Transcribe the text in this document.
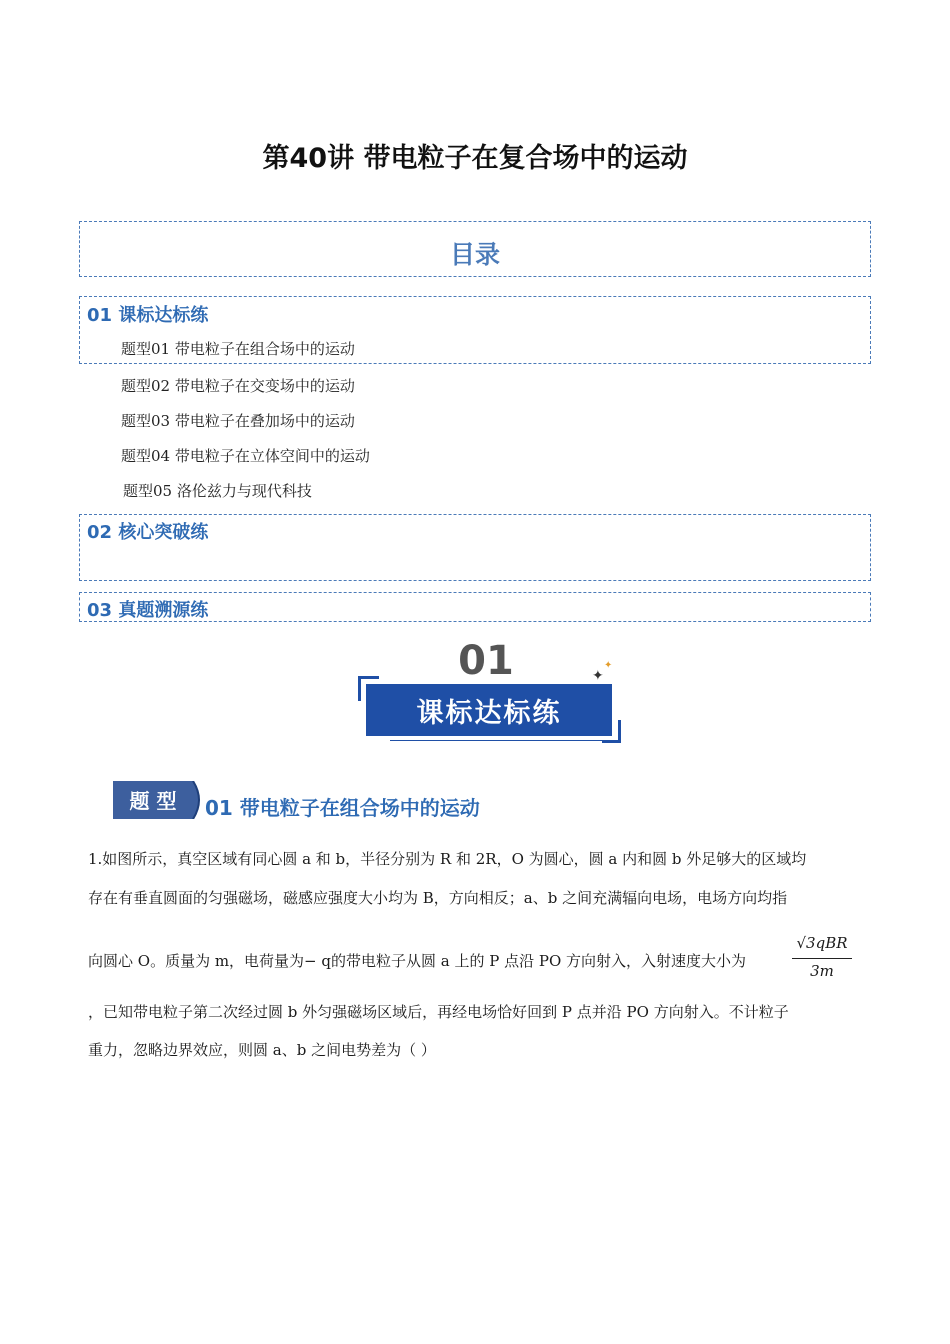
第40讲 带电粒子在复合场中的运动
目录
01 课标达标练
题型01 带电粒子在组合场中的运动
题型02 带电粒子在交变场中的运动
题型03 带电粒子在叠加场中的运动
题型04 带电粒子在立体空间中的运动
题型05 洛伦兹力与现代科技
02 核心突破练
03 真题溯源练
01	✦
✦
课标达标练
题 型 01 带电粒子在组合场中的运动
1.如图所示，真空区域有同心圆 a 和 b，半径分别为 R 和 2R，O 为圆心，圆 a 内和圆 b 外足够大的区域均
存在有垂直圆面的匀强磁场，磁感应强度大小均为 B，方向相反；a、b 之间充满辐向电场，电场方向均指
向圆心 O。质量为 m，电荷量为− q的带电粒子从圆 a 上的 P 点沿 PO 方向射入，入射速度大小为
√3qBR
3m
，已知带电粒子第二次经过圆 b 外匀强磁场区域后，再经电场恰好回到 P 点并沿 PO 方向射入。不计粒子
重力，忽略边界效应，则圆 a、b 之间电势差为（ ）
